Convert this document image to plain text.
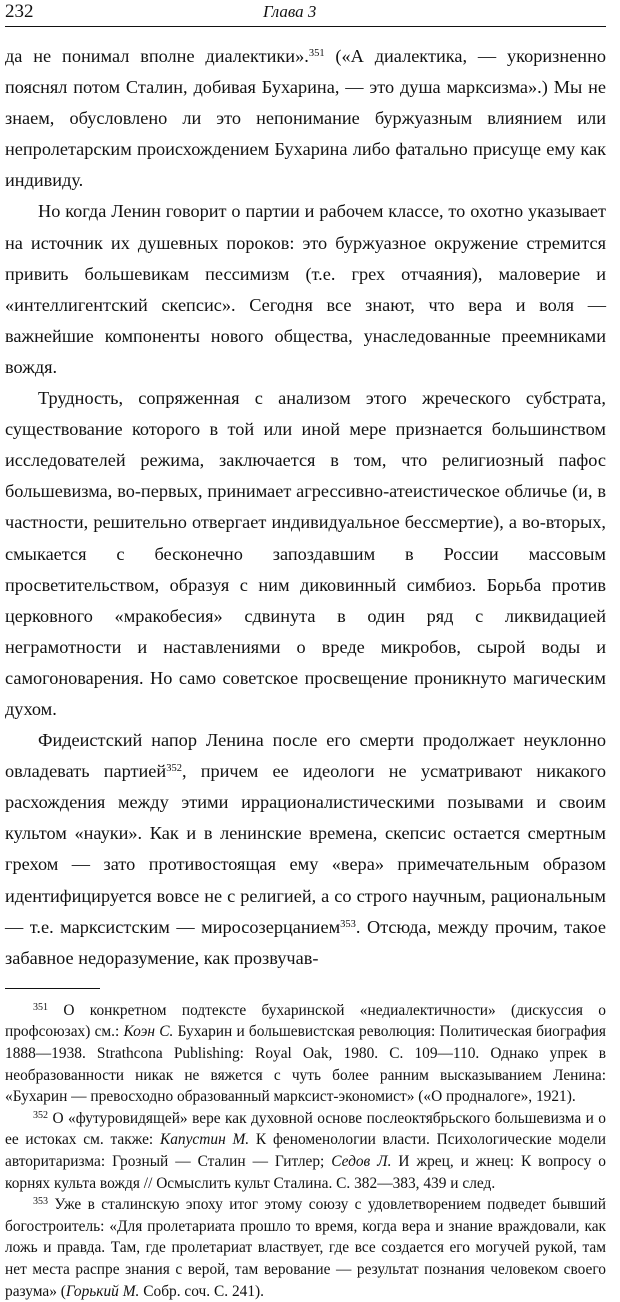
232	Глава 3

да не понимал вполне диалектики».$^{351}$ («А диалектика, — укоризненно пояснял потом Сталин, добивая Бухарина, — это душа марксизма».) Мы не знаем, обусловлено ли это непонимание буржуазным влиянием или непролетарским происхождением Бухарина либо фатально присуще ему как индивиду.

Но когда Ленин говорит о партии и рабочем классе, то охотно указывает на источник их душевных пороков: это буржуазное окружение стремится привить большевикам пессимизм (т.е. грех отчаяния), маловерие и «интеллигентский скепсис». Сегодня все знают, что вера и воля — важнейшие компоненты нового общества, унаследованные преемниками вождя.

Трудность, сопряженная с анализом этого жреческого субстрата, существование которого в той или иной мере признается большинством исследователей режима, заключается в том, что религиозный пафос большевизма, во-первых, принимает агрессивно-атеистическое обличье (и, в частности, решительно отвергает индивидуальное бессмертие), а во-вторых, смыкается с бесконечно запоздавшим в России массовым просветительством, образуя с ним диковинный симбиоз. Борьба против церковного «мракобесия» сдвинута в один ряд с ликвидацией неграмотности и наставлениями о вреде микробов, сырой воды и самогоноварения. Но само советское просвещение проникнуто магическим духом.

Фидеистский напор Ленина после его смерти продолжает неуклонно овладевать партией$^{352}$, причем ее идеологи не усматривают никакого расхождения между этими иррационалистическими позывами и своим культом «науки». Как и в ленинские времена, скепсис остается смертным грехом — зато противостоящая ему «вера» примечательным образом идентифицируется вовсе не с религией, а со строго научным, рациональным — т.е. марксистским — миросозерцанием$^{353}$. Отсюда, между прочим, такое забавное недоразумение, как прозвучав-

$^{351}$ О конкретном подтексте бухаринской «недиалектичности» (дискуссия о профсоюзах) см.: Коэн С. Бухарин и большевистская революция: Политическая биография 1888—1938. Strathcona Publishing: Royal Oak, 1980. С. 109—110. Однако упрек в необразованности никак не вяжется с чуть более ранним высказыванием Ленина: «Бухарин — превосходно образованный марксист-экономист» («О продналоге», 1921).

$^{352}$ О «футуровидящей» вере как духовной основе послеоктябрьского большевизма и о ее истоках см. также: Капустин М. К феноменологии власти. Психологические модели авторитаризма: Грозный — Сталин — Гитлер; Седов Л. И жрец, и жнец: К вопросу о корнях культа вождя // Осмыслить культ Сталина. С. 382—383, 439 и след.

$^{353}$ Уже в сталинскую эпоху итог этому союзу с удовлетворением подведет бывший богостроитель: «Для пролетариата прошло то время, когда вера и знание враждовали, как ложь и правда. Там, где пролетариат властвует, где все создается его могучей рукой, там нет места распре знания с верой, там верование — результат познания человеком своего разума» (Горький М. Собр. соч. С. 241).
